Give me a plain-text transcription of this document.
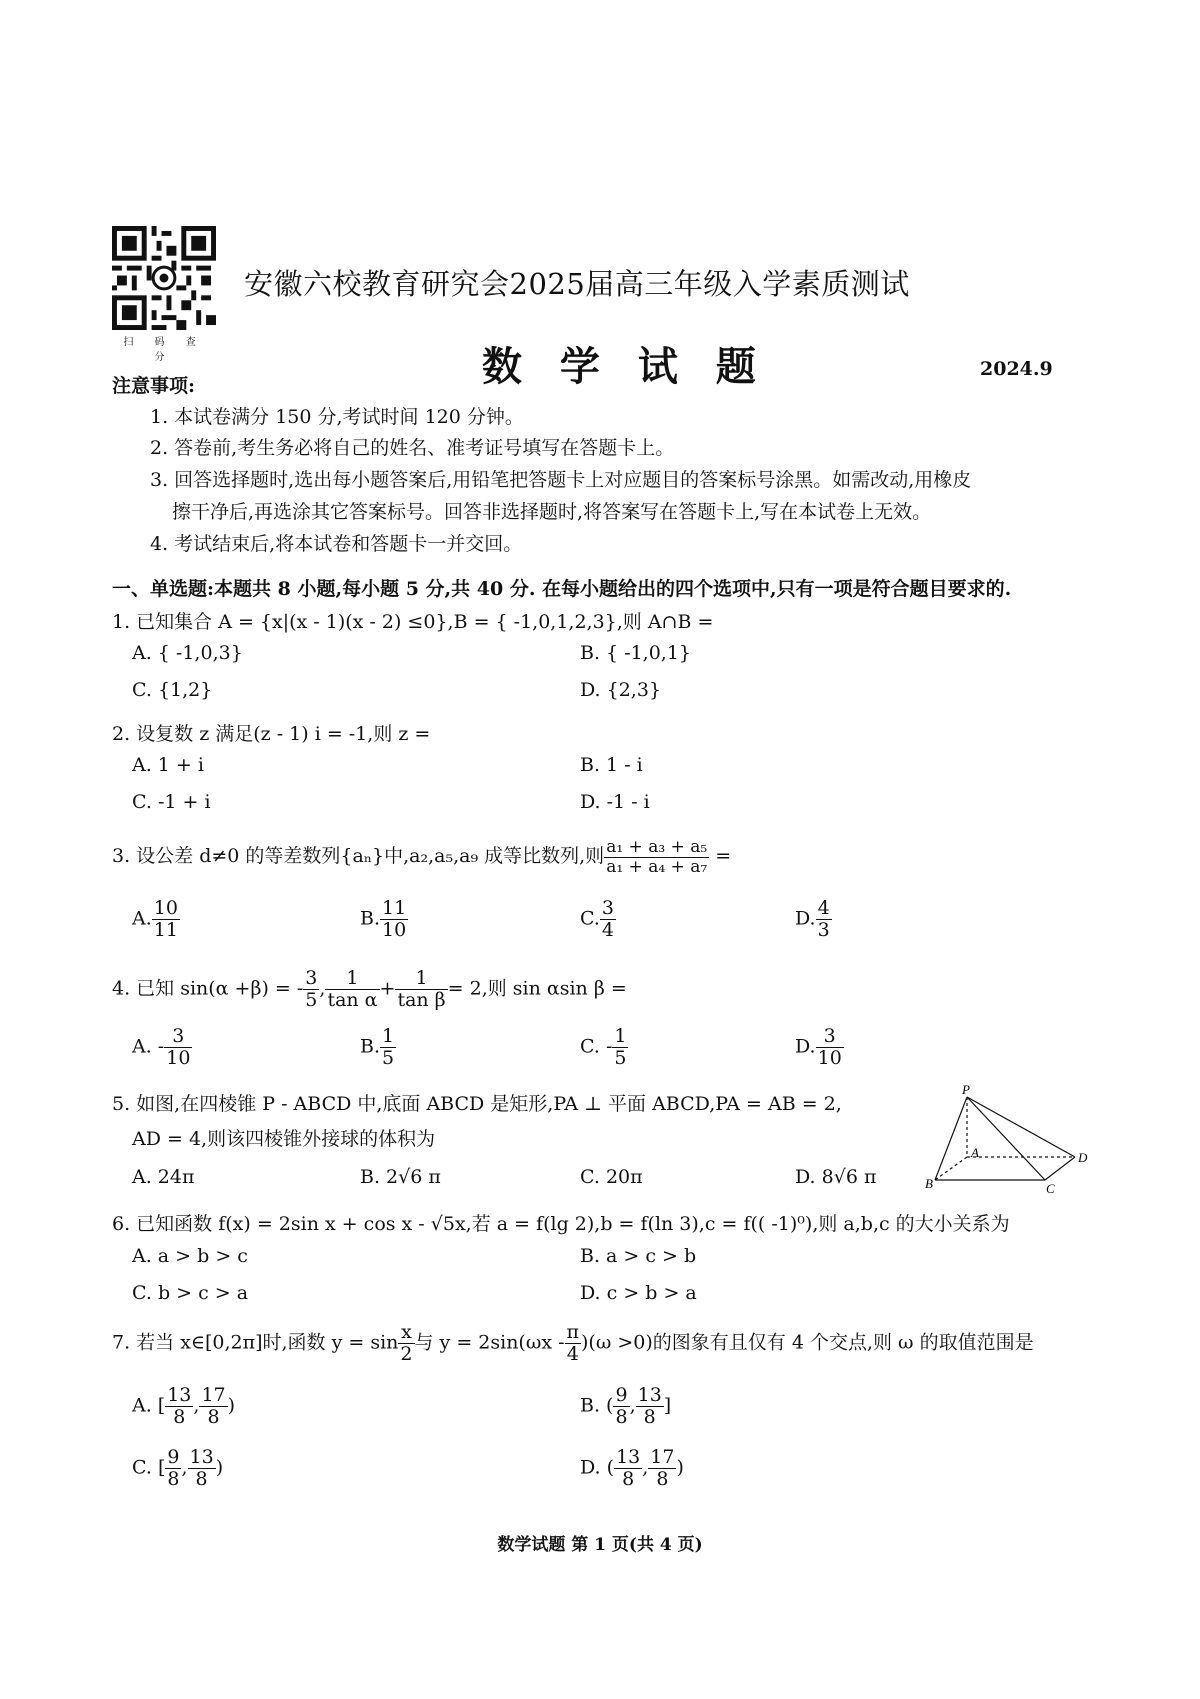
扫 码 查 分
安徽六校教育研究会2025届高三年级入学素质测试
数 学 试 题	2024.9
注意事项:
1. 本试卷满分 150 分,考试时间 120 分钟。
2. 答卷前,考生务必将自己的姓名、准考证号填写在答题卡上。
3. 回答选择题时,选出每小题答案后,用铅笔把答题卡上对应题目的答案标号涂黑。如需改动,用橡皮
擦干净后,再选涂其它答案标号。回答非选择题时,将答案写在答题卡上,写在本试卷上无效。
4. 考试结束后,将本试卷和答题卡一并交回。
一、单选题:本题共 8 小题,每小题 5 分,共 40 分. 在每小题给出的四个选项中,只有一项是符合题目要求的.
1. 已知集合 A = {x|(x - 1)(x - 2) ≤0},B = { -1,0,1,2,3},则 A∩B =
A. { -1,0,3}	B. { -1,0,1}
C. {1,2}	D. {2,3}
2. 设复数 z 满足(z - 1) i = -1,则 z =
A. 1 + i	B. 1 - i
C. -1 + i	D. -1 - i
3. 设公差 d≠0 的等差数列{aₙ}中,a₂,a₅,a₉ 成等比数列,则 $\frac{\text{a₁ + a₃ + a₅}}{\text{a₁ + a₄ + a₇}}$ =
A. $\frac{10}{11}$	B. $\frac{11}{10}$	C. $\frac{3}{4}$	D. $\frac{4}{3}$
4. 已知 sin(α +β) = - $\frac{3}{5}$ , $\frac{1}{\text{tan α}} + \frac{1}{\text{tan β}} = 2$,则 sin αsin β =
A. - $\frac{3}{10}$	B. $\frac{1}{5}$	C. - $\frac{1}{5}$	D. $\frac{3}{10}$
5. 如图,在四棱锥 P - ABCD 中,底面 ABCD 是矩形,PA ⊥ 平面 ABCD,PA = AB = 2,
AD = 4,则该四棱锥外接球的体积为
A. 24π	B. 2√6 π	C. 20π	D. 8√6 π
P
A
B	C
D
6. 已知函数 f(x) = 2sin x + cos x - √5x,若 a = f(lg 2),b = f(ln 3),c = f(( -1)⁰),则 a,b,c 的大小关系为
A. a > b > c	B. a > c > b
C. b > c > a	D. c > b > a
7. 若当 x∈[0,2π]时,函数 $y = \sin \frac{x}{2}$ 与 $y = 2\sin(\omega x - \frac{\pi}{4} )(\omega >0)$的图象有且仅有 4 个交点,则 ω 的取值范围是
A. [ $\frac{13}{8}$ , $\frac{17}{8}$ )	B. ( $\frac{9}{8}$ , $\frac{13}{8}$ ]
C. [ $\frac{9}{8}$ , $\frac{13}{8}$ )	D. ( $\frac{13}{8}$ , $\frac{17}{8}$ )
数学试题 第 1 页(共 4 页)
